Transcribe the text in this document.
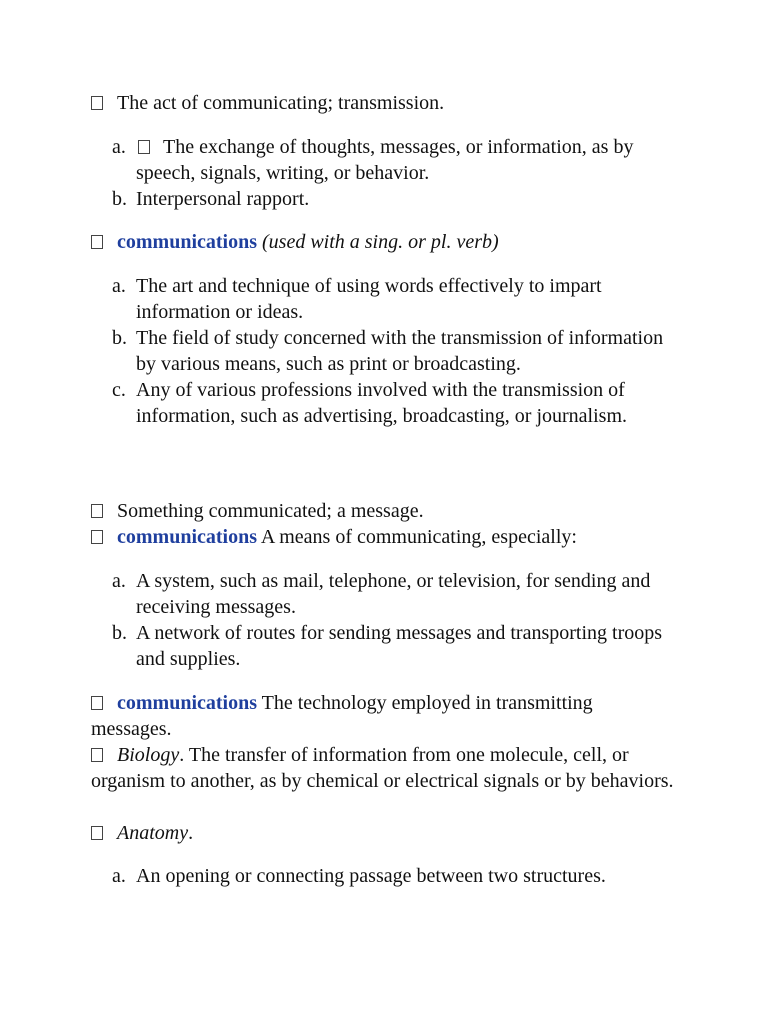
The act of communicating; transmission.
a. The exchange of thoughts, messages, or information, as by speech, signals, writing, or behavior.
b. Interpersonal rapport.
communications (used with a sing. or pl. verb)
a. The art and technique of using words effectively to impart information or ideas.
b. The field of study concerned with the transmission of information by various means, such as print or broadcasting.
c. Any of various professions involved with the transmission of information, such as advertising, broadcasting, or journalism.
Something communicated; a message.
communications A means of communicating, especially:
a. A system, such as mail, telephone, or television, for sending and receiving messages.
b. A network of routes for sending messages and transporting troops and supplies.
communications The technology employed in transmitting messages.
Biology. The transfer of information from one molecule, cell, or organism to another, as by chemical or electrical signals or by behaviors.
Anatomy.
a. An opening or connecting passage between two structures.
